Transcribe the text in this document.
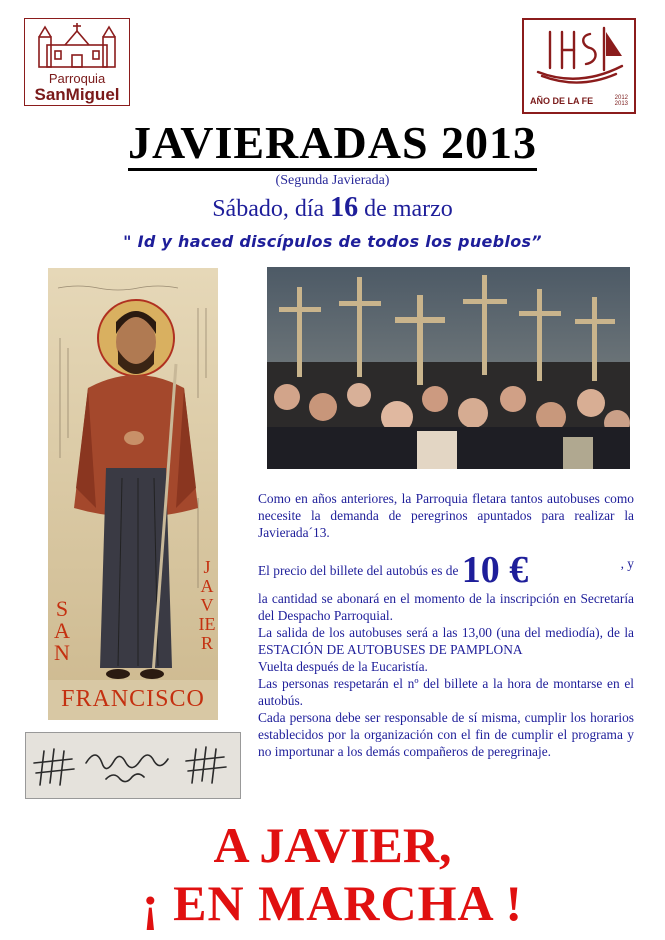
Parroquia
SanMiguel	AÑO DE LA FE	2012
2013
JAVIERADAS 2013
(Segunda Javierada)
Sábado, día 16 de marzo
" Id y haced discípulos de todos los pueblos”
SAN
JAVIER
FRANCISCO
Como en años anteriores, la Parroquia fletara tantos autobuses como necesite la demanda de peregrinos apuntados para realizar la Javierada´13.
El precio del billete del autobús es de 10 €	, y
la cantidad se abonará en el momento de la inscripción en Secretaría del Despacho Parroquial.
La salida de los autobuses será a las 13,00 (una del mediodía), de la ESTACIÓN DE AUTOBUSES DE PAMPLONA
Vuelta después de la Eucaristía.
Las personas respetarán el nº del billete a la hora de montarse en el autobús.
Cada persona debe ser responsable de sí misma, cumplir los horarios establecidos por la organización con el fin de cumplir el programa y no importunar a los demás compañeros de peregrinaje.
A JAVIER,
¡ EN MARCHA !
